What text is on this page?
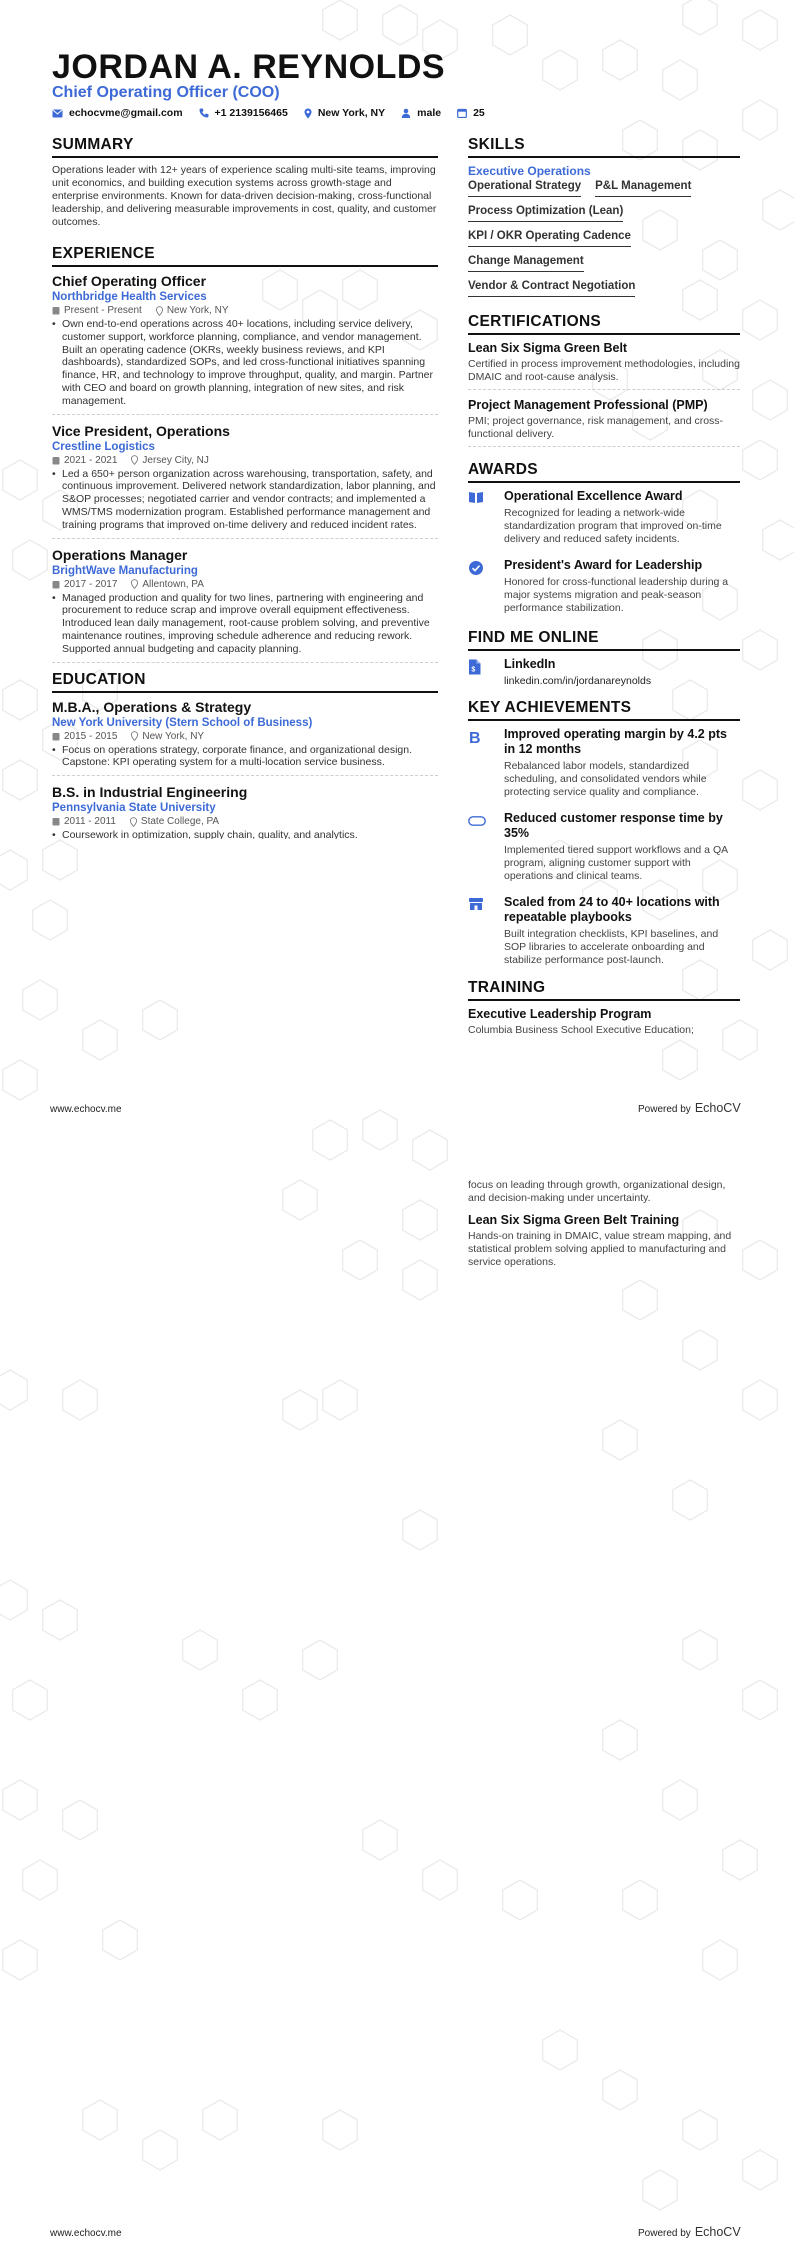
JORDAN A. REYNOLDS
Chief Operating Officer (COO)
echocvme@gmail.com	+1 2139156465	New York, NY	male	25
SUMMARY
Operations leader with 12+ years of experience scaling multi-site teams, improving unit economics, and building execution systems across growth-stage and enterprise environments. Known for data-driven decision-making, cross-functional leadership, and delivering measurable improvements in cost, quality, and customer outcomes.
EXPERIENCE
Chief Operating Officer
Northbridge Health Services
Present - Present	New York, NY
• Own end-to-end operations across 40+ locations, including service delivery, customer support, workforce planning, compliance, and vendor management. Built an operating cadence (OKRs, weekly business reviews, and KPI dashboards), standardized SOPs, and led cross-functional initiatives spanning finance, HR, and technology to improve throughput, quality, and margin. Partner with CEO and board on growth planning, integration of new sites, and risk management.
Vice President, Operations
Crestline Logistics
2021 - 2021	Jersey City, NJ
• Led a 650+ person organization across warehousing, transportation, safety, and continuous improvement. Delivered network standardization, labor planning, and S&OP processes; negotiated carrier and vendor contracts; and implemented a WMS/TMS modernization program. Established performance management and training programs that improved on-time delivery and reduced incident rates.
Operations Manager
BrightWave Manufacturing
2017 - 2017	Allentown, PA
• Managed production and quality for two lines, partnering with engineering and procurement to reduce scrap and improve overall equipment effectiveness. Introduced lean daily management, root-cause problem solving, and preventive maintenance routines, improving schedule adherence and reducing rework. Supported annual budgeting and capacity planning.
EDUCATION
M.B.A., Operations & Strategy
New York University (Stern School of Business)
2015 - 2015	New York, NY
• Focus on operations strategy, corporate finance, and organizational design. Capstone: KPI operating system for a multi-location service business.
B.S. in Industrial Engineering
Pennsylvania State University
2011 - 2011	State College, PA
• Coursework in optimization, supply chain, quality, and analytics.
SKILLS
Executive Operations
Operational Strategy P&L Management
Process Optimization (Lean)
KPI / OKR Operating Cadence
Change Management
Vendor & Contract Negotiation
CERTIFICATIONS
Lean Six Sigma Green Belt
Certified in process improvement methodologies, including DMAIC and root-cause analysis.
Project Management Professional (PMP)
PMI; project governance, risk management, and cross-functional delivery.
AWARDS
Operational Excellence Award
Recognized for leading a network-wide standardization program that improved on-time delivery and reduced safety incidents.
President's Award for Leadership
Honored for cross-functional leadership during a major systems migration and peak-season performance stabilization.
FIND ME ONLINE
$ LinkedIn
linkedin.com/in/jordanareynolds
KEY ACHIEVEMENTS
B Improved operating margin by 4.2 pts in 12 months
Rebalanced labor models, standardized scheduling, and consolidated vendors while protecting service quality and compliance.
Reduced customer response time by 35%
Implemented tiered support workflows and a QA program, aligning customer support with operations and clinical teams.
Scaled from 24 to 40+ locations with repeatable playbooks
Built integration checklists, KPI baselines, and SOP libraries to accelerate onboarding and stabilize performance post-launch.
TRAINING
Executive Leadership Program
Columbia Business School Executive Education;
www.echocv.me	Powered by EchoCV
focus on leading through growth, organizational design, and decision-making under uncertainty.
Lean Six Sigma Green Belt Training
Hands-on training in DMAIC, value stream mapping, and statistical problem solving applied to manufacturing and service operations.
www.echocv.me	Powered by EchoCV
